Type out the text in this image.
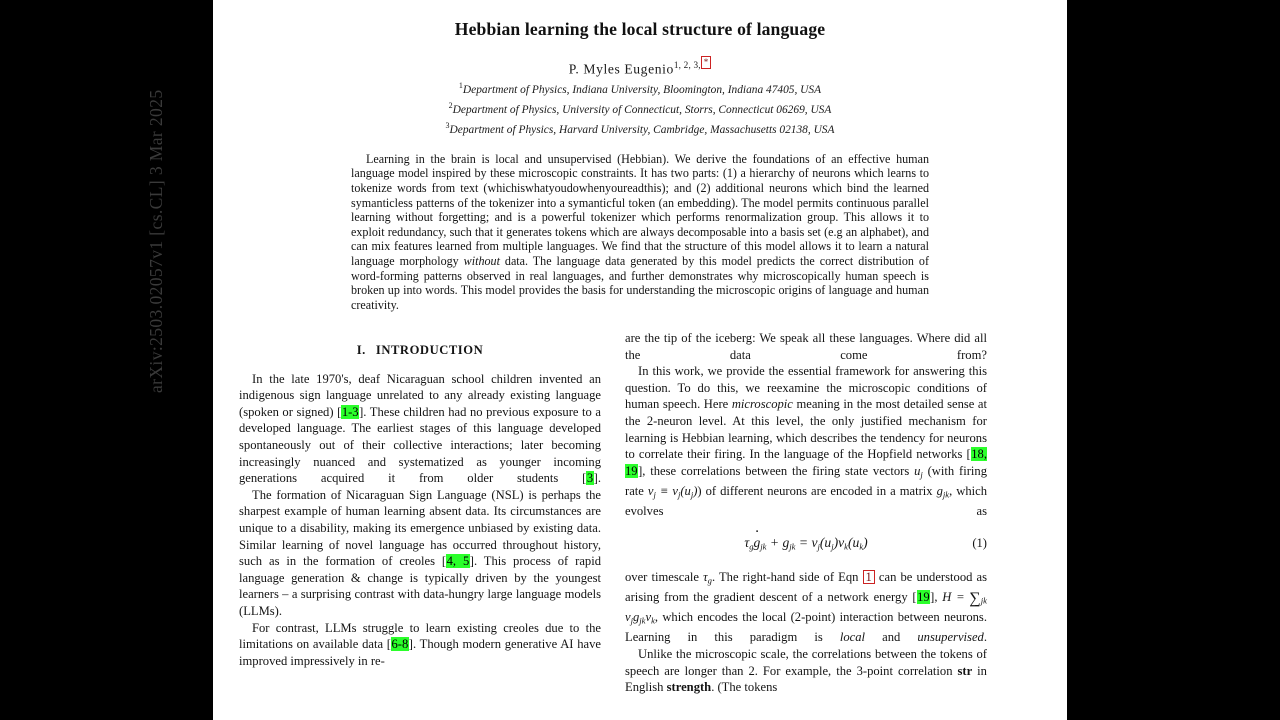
arXiv:2503.02057v1 [cs.CL] 3 Mar 2025
Hebbian learning the local structure of language
P. Myles Eugenio$^{1, 2, 3,}$ *
$^1$Department of Physics, Indiana University, Bloomington, Indiana 47405, USA
$^2$Department of Physics, University of Connecticut, Storrs, Connecticut 06269, USA
$^3$Department of Physics, Harvard University, Cambridge, Massachusetts 02138, USA
Learning in the brain is local and unsupervised (Hebbian). We derive the foundations of an effective human language model inspired by these microscopic constraints. It has two parts: (1) a hierarchy of neurons which learns to tokenize words from text (whichiswhatyoudowhenyoureadthis); and (2) additional neurons which bind the learned symanticless patterns of the tokenizer into a symanticful token (an embedding). The model permits continuous parallel learning without forgetting; and is a powerful tokenizer which performs renormalization group. This allows it to exploit redundancy, such that it generates tokens which are always decomposable into a basis set (e.g an alphabet), and can mix features learned from multiple languages. We find that the structure of this model allows it to learn a natural language morphology without data. The language data generated by this model predicts the correct distribution of word-forming patterns observed in real languages, and further demonstrates why microscopically human speech is broken up into words. This model provides the basis for understanding the microscopic origins of language and human creativity.
I. INTRODUCTION

In the late 1970's, deaf Nicaraguan school children invented an indigenous sign language unrelated to any already existing language (spoken or signed) [1-3]. These children had no previous exposure to a developed language. The earliest stages of this language developed spontaneously out of their collective interactions; later becoming increasingly nuanced and systematized as younger incoming generations acquired it from older students [3].

The formation of Nicaraguan Sign Language (NSL) is perhaps the sharpest example of human learning absent data. Its circumstances are unique to a disability, making its emergence unbiased by existing data. Similar learning of novel language has occurred throughout history, such as in the formation of creoles [4, 5]. This process of rapid language generation & change is typically driven by the youngest learners – a surprising contrast with data-hungry large language models (LLMs).

For contrast, LLMs struggle to learn existing creoles due to the limitations on available data [6-8]. Though modern generative AI have improved impressively in re-

are the tip of the iceberg: We speak all these languages. Where did all the data come from?

In this work, we provide the essential framework for answering this question. To do this, we reexamine the microscopic conditions of human speech. Here microscopic meaning in the most detailed sense at the 2-neuron level. At this level, the only justified mechanism for learning is Hebbian learning, which describes the tendency for neurons to correlate their firing. In the language of the Hopfield networks [18, 19], these correlations between the firing state vectors $u_j$ (with firing rate $v_j \equiv v_j(u_j)$) of different neurons are encoded in a matrix $g_{jk}$, which evolves as

$\tau_gg \cdot_{jk} + g_{jk} = v_j(u_j)v_k(u_k)$	(1)

over timescale $\tau_g$. The right-hand side of Eqn 1 can be understood as arising from the gradient descent of a network energy [19], $H = \sum_{jk}$ $v_jg_{jk}v_k$, which encodes the local (2-point) interaction between neurons. Learning in this paradigm is local and unsupervised.

Unlike the microscopic scale, the correlations between the tokens of speech are longer than 2. For example, the 3-point correlation str in English strength. (The tokens
